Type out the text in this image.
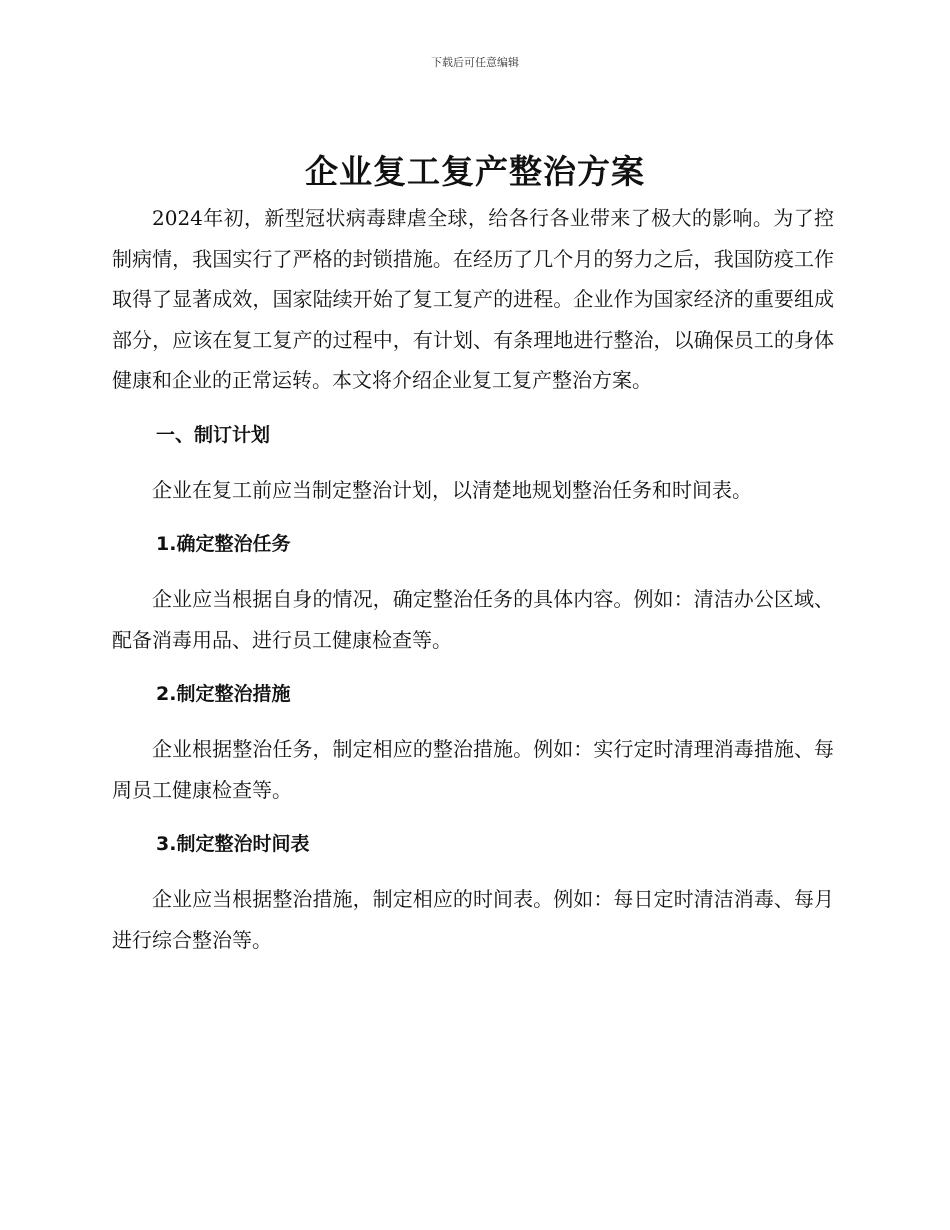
下载后可任意编辑
企业复工复产整治方案

2024年初，新型冠状病毒肆虐全球，给各行各业带来了极大的影响。为了控制病情，我国实行了严格的封锁措施。在经历了几个月的努力之后，我国防疫工作取得了显著成效，国家陆续开始了复工复产的进程。企业作为国家经济的重要组成部分，应该在复工复产的过程中，有计划、有条理地进行整治，以确保员工的身体健康和企业的正常运转。本文将介绍企业复工复产整治方案。

一、制订计划

企业在复工前应当制定整治计划，以清楚地规划整治任务和时间表。

1.确定整治任务

企业应当根据自身的情况，确定整治任务的具体内容。例如：清洁办公区域、配备消毒用品、进行员工健康检查等。

2.制定整治措施

企业根据整治任务，制定相应的整治措施。例如：实行定时清理消毒措施、每周员工健康检查等。

3.制定整治时间表

企业应当根据整治措施，制定相应的时间表。例如：每日定时清洁消毒、每月进行综合整治等。
